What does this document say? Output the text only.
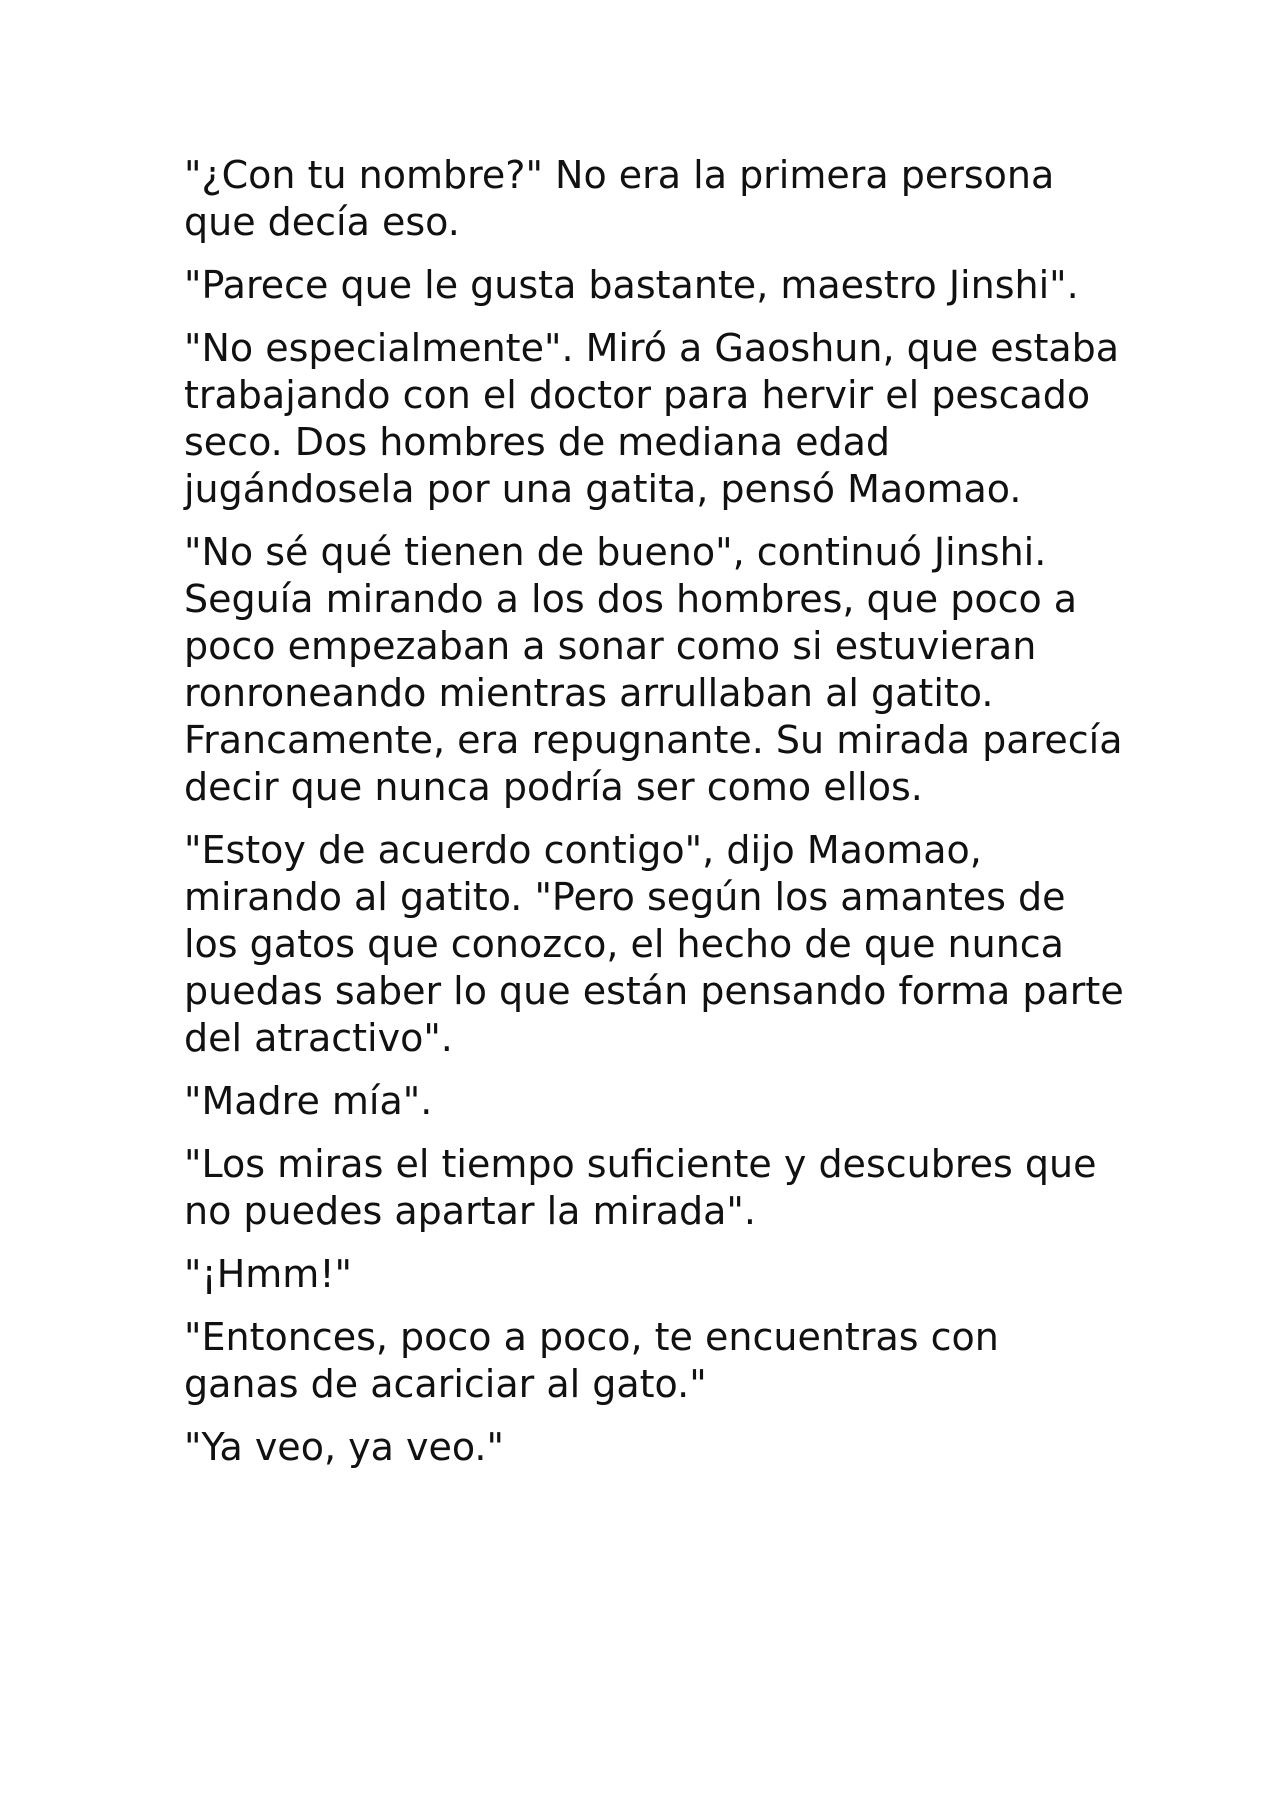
"¿Con tu nombre?" No era la primera persona que decía eso.

"Parece que le gusta bastante, maestro Jinshi".

"No especialmente". Miró a Gaoshun, que estaba trabajando con el doctor para hervir el pescado seco. Dos hombres de mediana edad jugándosela por una gatita, pensó Maomao.

"No sé qué tienen de bueno", continuó Jinshi. Seguía mirando a los dos hombres, que poco a poco empezaban a sonar como si estuvieran ronroneando mientras arrullaban al gatito. Francamente, era repugnante. Su mirada parecía decir que nunca podría ser como ellos.

"Estoy de acuerdo contigo", dijo Maomao, mirando al gatito. "Pero según los amantes de los gatos que conozco, el hecho de que nunca puedas saber lo que están pensando forma parte del atractivo".

"Madre mía".

"Los miras el tiempo suficiente y descubres que no puedes apartar la mirada".

"¡Hmm!"

"Entonces, poco a poco, te encuentras con ganas de acariciar al gato."

"Ya veo, ya veo."
